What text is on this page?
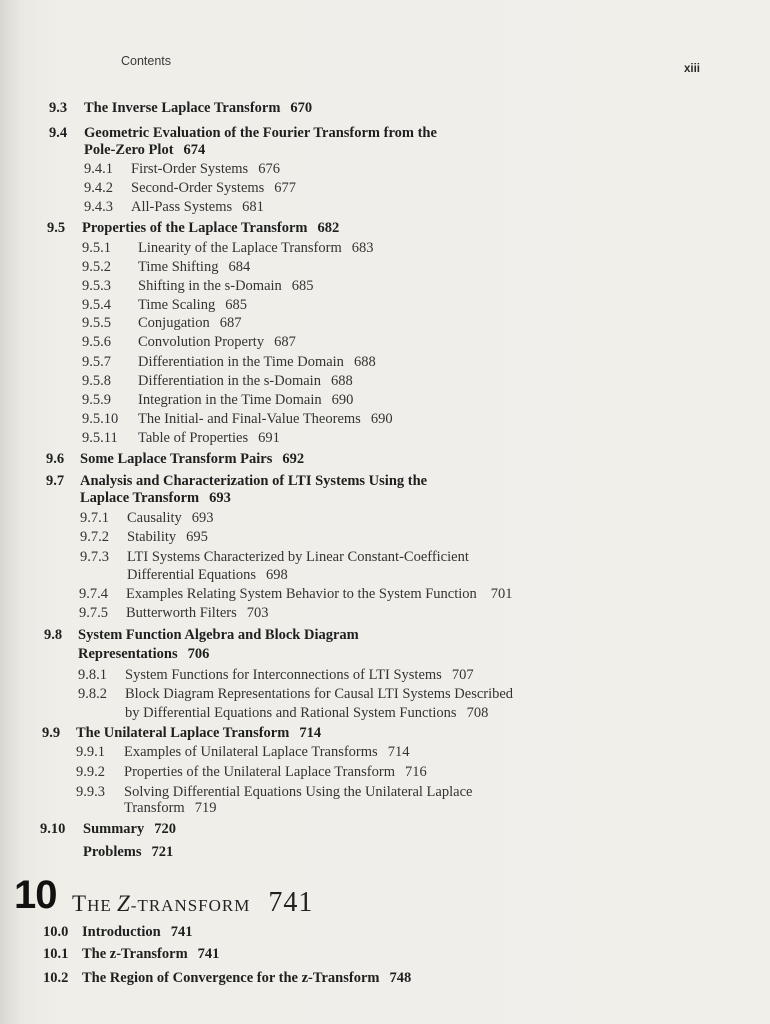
Contents
xiii
9.3 The Inverse Laplace Transform 670
9.4 Geometric Evaluation of the Fourier Transform from the
Pole-Zero Plot 674
9.4.1 First-Order Systems 676
9.4.2 Second-Order Systems 677
9.4.3 All-Pass Systems 681
9.5 Properties of the Laplace Transform 682
9.5.1 Linearity of the Laplace Transform 683
9.5.2 Time Shifting 684
9.5.3 Shifting in the s-Domain 685
9.5.4 Time Scaling 685
9.5.5 Conjugation 687
9.5.6 Convolution Property 687
9.5.7 Differentiation in the Time Domain 688
9.5.8 Differentiation in the s-Domain 688
9.5.9 Integration in the Time Domain 690
9.5.10 The Initial- and Final-Value Theorems 690
9.5.11 Table of Properties 691
9.6 Some Laplace Transform Pairs 692
9.7 Analysis and Characterization of LTI Systems Using the
Laplace Transform 693
9.7.1 Causality 693
9.7.2 Stability 695
9.7.3 LTI Systems Characterized by Linear Constant-Coefficient
Differential Equations 698
9.7.4 Examples Relating System Behavior to the System Function 701
9.7.5 Butterworth Filters 703
9.8 System Function Algebra and Block Diagram
Representations 706
9.8.1 System Functions for Interconnections of LTI Systems 707
9.8.2 Block Diagram Representations for Causal LTI Systems Described
by Differential Equations and Rational System Functions 708
9.9 The Unilateral Laplace Transform 714
9.9.1 Examples of Unilateral Laplace Transforms 714
9.9.2 Properties of the Unilateral Laplace Transform 716
9.9.3 Solving Differential Equations Using the Unilateral Laplace
Transform 719
9.10 Summary 720
Problems 721
10 THE Z-TRANSFORM 741
10.0 Introduction 741
10.1 The z-Transform 741
10.2 The Region of Convergence for the z-Transform 748
